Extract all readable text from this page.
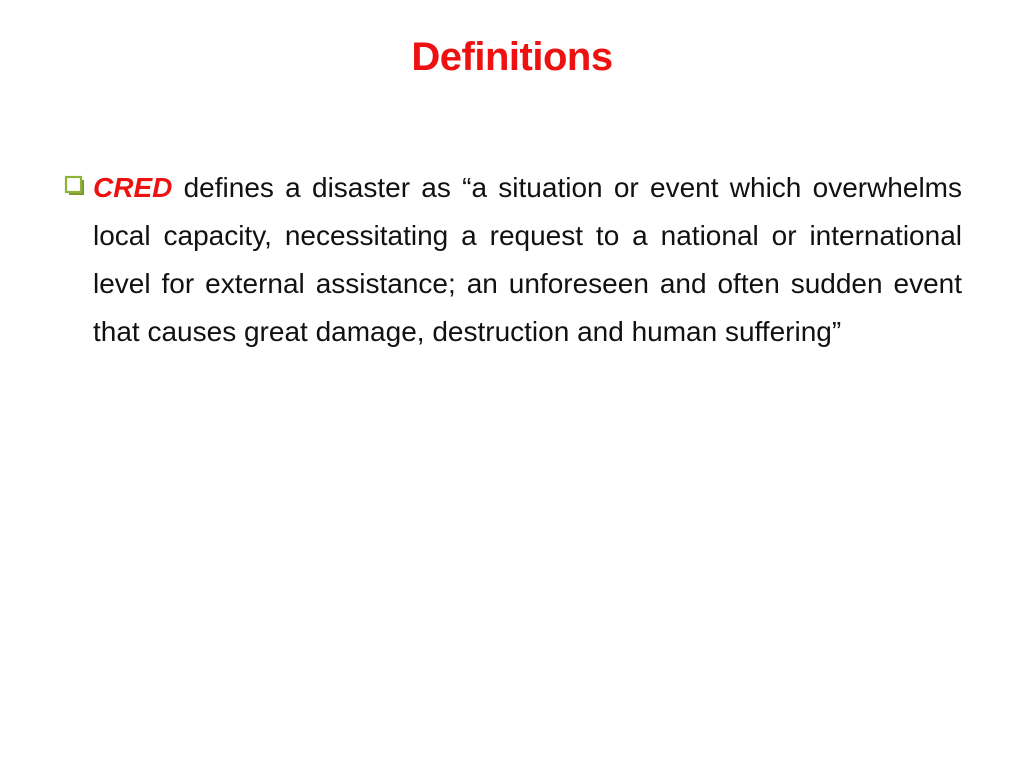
Definitions
CRED defines a disaster as “a situation or event which overwhelms local capacity, necessitating a request to a national or international level for external assistance; an unforeseen and often sudden event that causes great damage, destruction and human suffering”
